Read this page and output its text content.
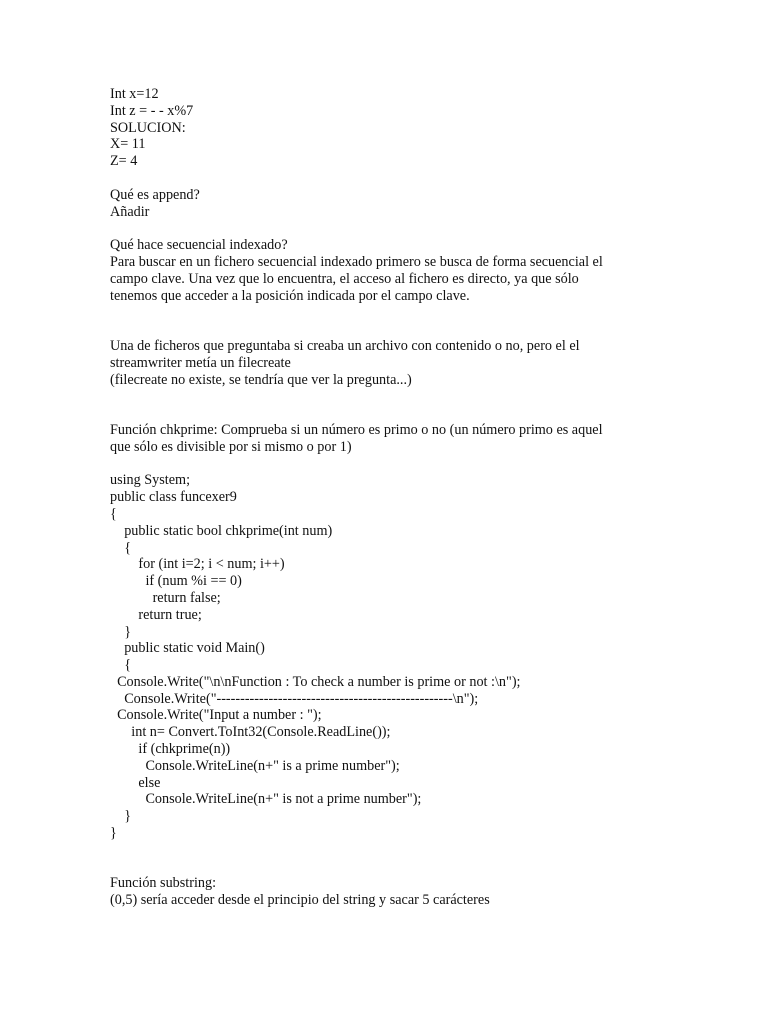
Int x=12
Int z = - - x%7
SOLUCION:
X= 11
Z= 4
Qué es append?
Añadir
Qué hace secuencial indexado?
Para buscar en un fichero secuencial indexado primero se busca de forma secuencial el
campo clave. Una vez que lo encuentra, el acceso al fichero es directo, ya que sólo
tenemos que acceder a la posición indicada por el campo clave.
Una de ficheros que preguntaba si creaba un archivo con contenido o no, pero el el
streamwriter metía un filecreate
(filecreate no existe, se tendría que ver la pregunta...)
Función chkprime: Comprueba si un número es primo o no (un número primo es aquel
que sólo es divisible por si mismo o por 1)
using System;
public class funcexer9
{
public static bool chkprime(int num)
{
for (int i=2; i < num; i++)
if (num %i == 0)
return false;
return true;
}
public static void Main()
{
Console.Write("\n\nFunction : To check a number is prime or not :\n");
Console.Write("--------------------------------------------------\n");
Console.Write("Input a number : ");
int n= Convert.ToInt32(Console.ReadLine());
if (chkprime(n))
Console.WriteLine(n+" is a prime number");
else
Console.WriteLine(n+" is not a prime number");
}
}
Función substring:
(0,5) sería acceder desde el principio del string y sacar 5 carácteres
